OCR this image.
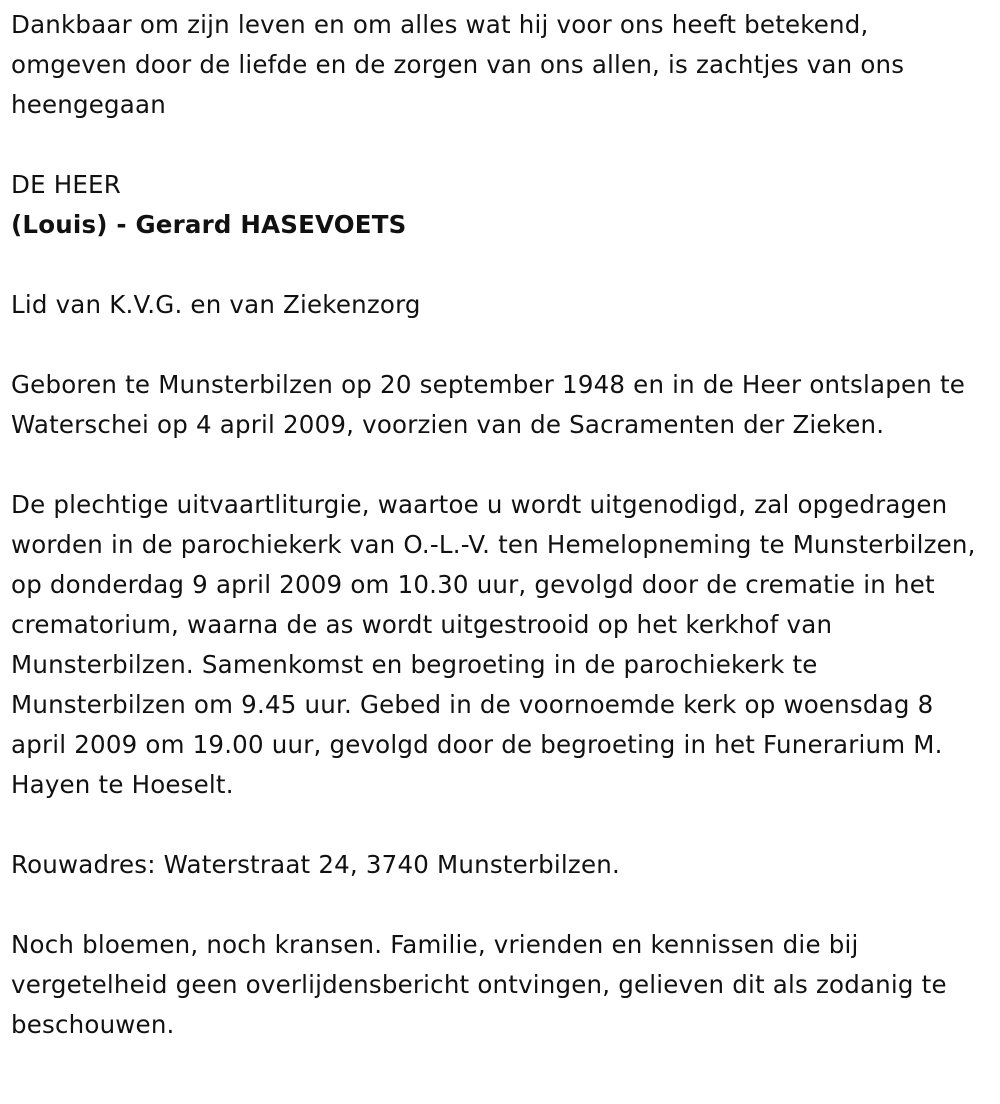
Dankbaar om zijn leven en om alles wat hij voor ons heeft betekend, omgeven door de liefde en de zorgen van ons allen, is zachtjes van ons heengegaan

DE HEER

(Louis) - Gerard HASEVOETS

Lid van K.V.G. en van Ziekenzorg

Geboren te Munsterbilzen op 20 september 1948 en in de Heer ontslapen te Waterschei op 4 april 2009, voorzien van de Sacramenten der Zieken.

De plechtige uitvaartliturgie, waartoe u wordt uitgenodigd, zal opgedragen worden in de parochiekerk van O.-L.-V. ten Hemelopneming te Munsterbilzen, op donderdag 9 april 2009 om 10.30 uur, gevolgd door de crematie in het crematorium, waarna de as wordt uitgestrooid op het kerkhof van Munsterbilzen. Samenkomst en begroeting in de parochiekerk te Munsterbilzen om 9.45 uur. Gebed in de voornoemde kerk op woensdag 8 april 2009 om 19.00 uur, gevolgd door de begroeting in het Funerarium M. Hayen te Hoeselt.

Rouwadres: Waterstraat 24, 3740 Munsterbilzen.

Noch bloemen, noch kransen. Familie, vrienden en kennissen die bij vergetelheid geen overlijdensbericht ontvingen, gelieven dit als zodanig te beschouwen.
